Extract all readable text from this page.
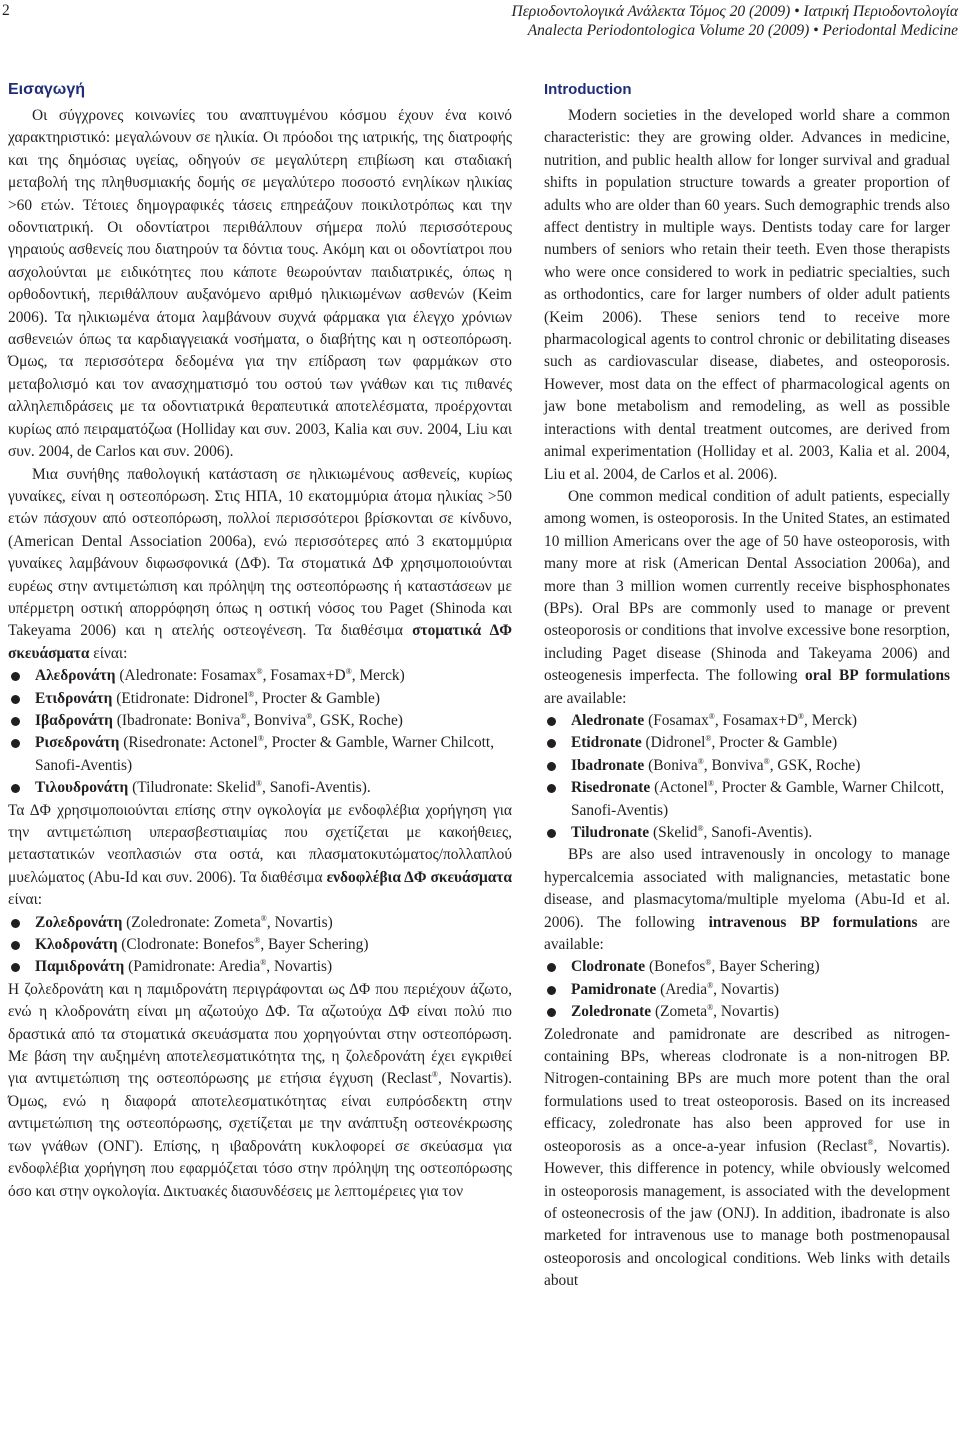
2	Περιοδοντολογικά Ανάλεκτα Τόμος 20 (2009) • Ιατρική Περιοδοντολογία
Analecta Periodontologica Volume 20 (2009) • Periodontal Medicine
Εισαγωγή

Οι σύγχρονες κοινωνίες του αναπτυγμένου κόσμου έχουν ένα κοινό χαρακτηριστικό: μεγαλώνουν σε ηλικία. Οι πρόοδοι της ιατρικής, της διατροφής και της δημόσιας υγείας, οδηγούν σε μεγαλύτερη επιβίωση και σταδιακή μεταβολή της πληθυσμιακής δομής σε μεγαλύτερο ποσοστό ενηλίκων ηλικίας >60 ετών. Τέτοιες δημογραφικές τάσεις επηρεάζουν ποικιλοτρόπως και την οδοντιατρική. Οι οδοντίατροι περιθάλπουν σήμερα πολύ περισσότερους γηραιούς ασθενείς που διατηρούν τα δόντια τους. Ακόμη και οι οδοντίατροι που ασχολούνται με ειδικότητες που κάποτε θεωρούνταν παιδιατρικές, όπως η ορθοδοντική, περιθάλπουν αυξανόμενο αριθμό ηλικιωμένων ασθενών (Keim 2006). Τα ηλικιωμένα άτομα λαμβάνουν συχνά φάρμακα για έλεγχο χρόνιων ασθενειών όπως τα καρδιαγγειακά νοσήματα, ο διαβήτης και η οστεοπόρωση. Όμως, τα περισσότερα δεδομένα για την επίδραση των φαρμάκων στο μεταβολισμό και τον ανασχηματισμό του οστού των γνάθων και τις πιθανές αλληλεπιδράσεις με τα οδοντιατρικά θεραπευτικά αποτελέσματα, προέρχονται κυρίως από πειραματόζωα (Holliday και συν. 2003, Kalia και συν. 2004, Liu και συν. 2004, de Carlos και συν. 2006).

Μια συνήθης παθολογική κατάσταση σε ηλικιωμένους ασθενείς, κυρίως γυναίκες, είναι η οστεοπόρωση. Στις ΗΠΑ, 10 εκατομμύρια άτομα ηλικίας >50 ετών πάσχουν από οστεοπόρωση, πολλοί περισσότεροι βρίσκονται σε κίνδυνο, (American Dental Association 2006a), ενώ περισσότερες από 3 εκατομμύρια γυναίκες λαμβάνουν διφωσφονικά (ΔΦ). Τα στοματικά ΔΦ χρησιμοποιούνται ευρέως στην αντιμετώπιση και πρόληψη της οστεοπόρωσης ή καταστάσεων με υπέρμετρη οστική απορρόφηση όπως η οστική νόσος του Paget (Shinoda και Takeyama 2006) και η ατελής οστεογένεση. Τα διαθέσιμα στοματικά ΔΦ σκευάσματα είναι:

Αλεδρονάτη (Aledronate: Fosamax®, Fosamax+D®, Merck)
Ετιδρονάτη (Etidronate: Didronel®, Procter & Gamble)
Ιβαδρονάτη (Ibadronate: Boniva®, Bonviva®, GSK, Roche)
Ρισεδρονάτη (Risedronate: Actonel®, Procter & Gamble, Warner Chilcott, Sanofi-Aventis)
Τιλουδρονάτη (Tiludronate: Skelid®, Sanofi-Aventis).

Τα ΔΦ χρησιμοποιούνται επίσης στην ογκολογία με ενδοφλέβια χορήγηση για την αντιμετώπιση υπερασβεστιαιμίας που σχετίζεται με κακοήθειες, μεταστατικών νεοπλασιών στα οστά, και πλασματοκυτώματος/πολλαπλού μυελώματος (Abu-Id και συν. 2006). Τα διαθέσιμα ενδοφλέβια ΔΦ σκευάσματα είναι:

Ζολεδρονάτη (Zoledronate: Zometa®, Novartis)
Κλοδρονάτη (Clodronate: Bonefos®, Bayer Schering)
Παμιδρονάτη (Pamidronate: Aredia®, Novartis)

Η ζολεδρονάτη και η παμιδρονάτη περιγράφονται ως ΔΦ που περιέχουν άζωτο, ενώ η κλοδρονάτη είναι μη αζωτούχο ΔΦ. Τα αζωτούχα ΔΦ είναι πολύ πιο δραστικά από τα στοματικά σκευάσματα που χορηγούνται στην οστεοπόρωση. Με βάση την αυξημένη αποτελεσματικότητα της, η ζολεδρονάτη έχει εγκριθεί για αντιμετώπιση της οστεοπόρωσης με ετήσια έγχυση (Reclast®, Novartis). Όμως, ενώ η διαφορά αποτελεσματικότητας είναι ευπρόσδεκτη στην αντιμετώπιση της οστεοπόρωσης, σχετίζεται με την ανάπτυξη οστεονέκρωσης των γνάθων (ΟΝΓ). Επίσης, η ιβαδρονάτη κυκλοφορεί σε σκεύασμα για ενδοφλέβια χορήγηση που εφαρμόζεται τόσο στην πρόληψη της οστεοπόρωσης όσο και στην ογκολογία. Δικτυακές διασυνδέσεις με λεπτομέρειες για τον

Introduction

Modern societies in the developed world share a common characteristic: they are growing older. Advances in medicine, nutrition, and public health allow for longer survival and gradual shifts in population structure towards a greater proportion of adults who are older than 60 years. Such demographic trends also affect dentistry in multiple ways. Dentists today care for larger numbers of seniors who retain their teeth. Even those therapists who were once considered to work in pediatric specialties, such as orthodontics, care for larger numbers of older adult patients (Keim 2006). These seniors tend to receive more pharmacological agents to control chronic or debilitating diseases such as cardiovascular disease, diabetes, and osteoporosis. However, most data on the effect of pharmacological agents on jaw bone metabolism and remodeling, as well as possible interactions with dental treatment outcomes, are derived from animal experimentation (Holliday et al. 2003, Kalia et al. 2004, Liu et al. 2004, de Carlos et al. 2006).

One common medical condition of adult patients, especially among women, is osteoporosis. In the United States, an estimated 10 million Americans over the age of 50 have osteoporosis, with many more at risk (American Dental Association 2006a), and more than 3 million women currently receive bisphosphonates (BPs). Oral BPs are commonly used to manage or prevent osteoporosis or conditions that involve excessive bone resorption, including Paget disease (Shinoda and Takeyama 2006) and osteogenesis imperfecta. The following oral BP formulations are available:

Aledronate (Fosamax®, Fosamax+D®, Merck)
Etidronate (Didronel®, Procter & Gamble)
Ibadronate (Boniva®, Bonviva®, GSK, Roche)
Risedronate (Actonel®, Procter & Gamble, Warner Chilcott, Sanofi-Aventis)
Tiludronate (Skelid®, Sanofi-Aventis).

BPs are also used intravenously in oncology to manage hypercalcemia associated with malignancies, metastatic bone disease, and plasmacytoma/multiple myeloma (Abu-Id et al. 2006). The following intravenous BP formulations are available:

Clodronate (Bonefos®, Bayer Schering)
Pamidronate (Aredia®, Novartis)
Zoledronate (Zometa®, Novartis)

Zoledronate and pamidronate are described as nitrogen-containing BPs, whereas clodronate is a non-nitrogen BP. Nitrogen-containing BPs are much more potent than the oral formulations used to treat osteoporosis. Based on its increased efficacy, zoledronate has also been approved for use in osteoporosis as a once-a-year infusion (Reclast®, Novartis). However, this difference in potency, while obviously welcomed in osteoporosis management, is associated with the development of osteonecrosis of the jaw (ONJ). In addition, ibadronate is also marketed for intravenous use to manage both postmenopausal osteoporosis and oncological conditions. Web links with details about
